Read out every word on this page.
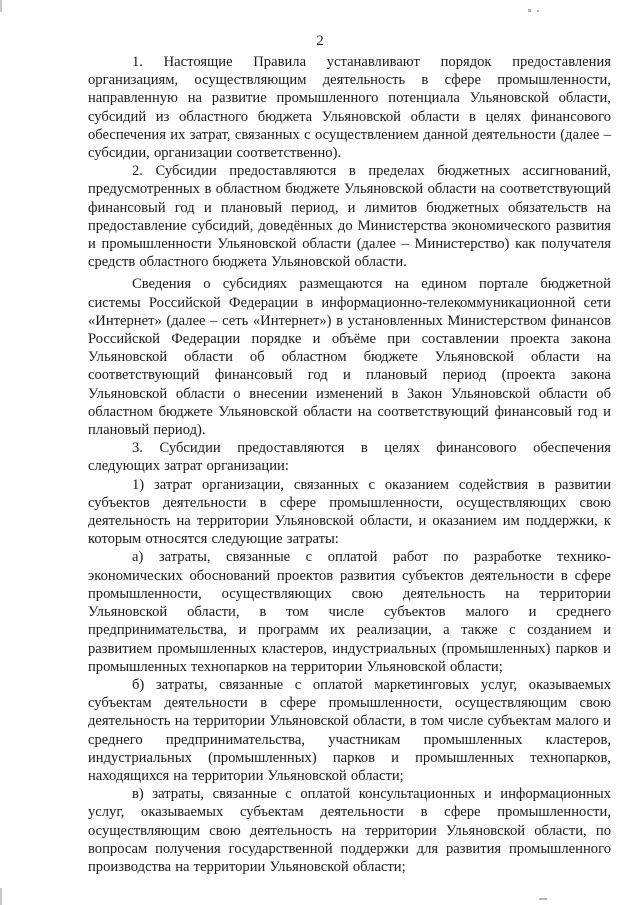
2

1. Настоящие Правила устанавливают порядок предоставления организациям, осуществляющим деятельность в сфере промышленности, направленную на развитие промышленного потенциала Ульяновской области, субсидий из областного бюджета Ульяновской области в целях финансового обеспечения их затрат, связанных с осуществлением данной деятельности (далее – субсидии, организации соответственно).

2. Субсидии предоставляются в пределах бюджетных ассигнований, предусмотренных в областном бюджете Ульяновской области на соответствующий финансовый год и плановый период, и лимитов бюджетных обязательств на предоставление субсидий, доведённых до Министерства экономического развития и промышленности Ульяновской области (далее – Министерство) как получателя средств областного бюджета Ульяновской области.

Сведения о субсидиях размещаются на едином портале бюджетной системы Российской Федерации в информационно-телекоммуникационной сети «Интернет» (далее – сеть «Интернет») в установленных Министерством финансов Российской Федерации порядке и объёме при составлении проекта закона Ульяновской области об областном бюджете Ульяновской области на соответствующий финансовый год и плановый период (проекта закона Ульяновской области о внесении изменений в Закон Ульяновской области об областном бюджете Ульяновской области на соответствующий финансовый год и плановый период).

3. Субсидии предоставляются в целях финансового обеспечения следующих затрат организации:

1) затрат организации, связанных с оказанием содействия в развитии субъектов деятельности в сфере промышленности, осуществляющих свою деятельность на территории Ульяновской области, и оказанием им поддержки, к которым относятся следующие затраты:

а) затраты, связанные с оплатой работ по разработке технико-экономических обоснований проектов развития субъектов деятельности в сфере промышленности, осуществляющих свою деятельность на территории Ульяновской области, в том числе субъектов малого и среднего предпринимательства, и программ их реализации, а также с созданием и развитием промышленных кластеров, индустриальных (промышленных) парков и промышленных технопарков на территории Ульяновской области;

б) затраты, связанные с оплатой маркетинговых услуг, оказываемых субъектам деятельности в сфере промышленности, осуществляющим свою деятельность на территории Ульяновской области, в том числе субъектам малого и среднего предпринимательства, участникам промышленных кластеров, индустриальных (промышленных) парков и промышленных технопарков, находящихся на территории Ульяновской области;

в) затраты, связанные с оплатой консультационных и информационных услуг, оказываемых субъектам деятельности в сфере промышленности, осуществляющим свою деятельность на территории Ульяновской области, по вопросам получения государственной поддержки для развития промышленного производства на территории Ульяновской области;
